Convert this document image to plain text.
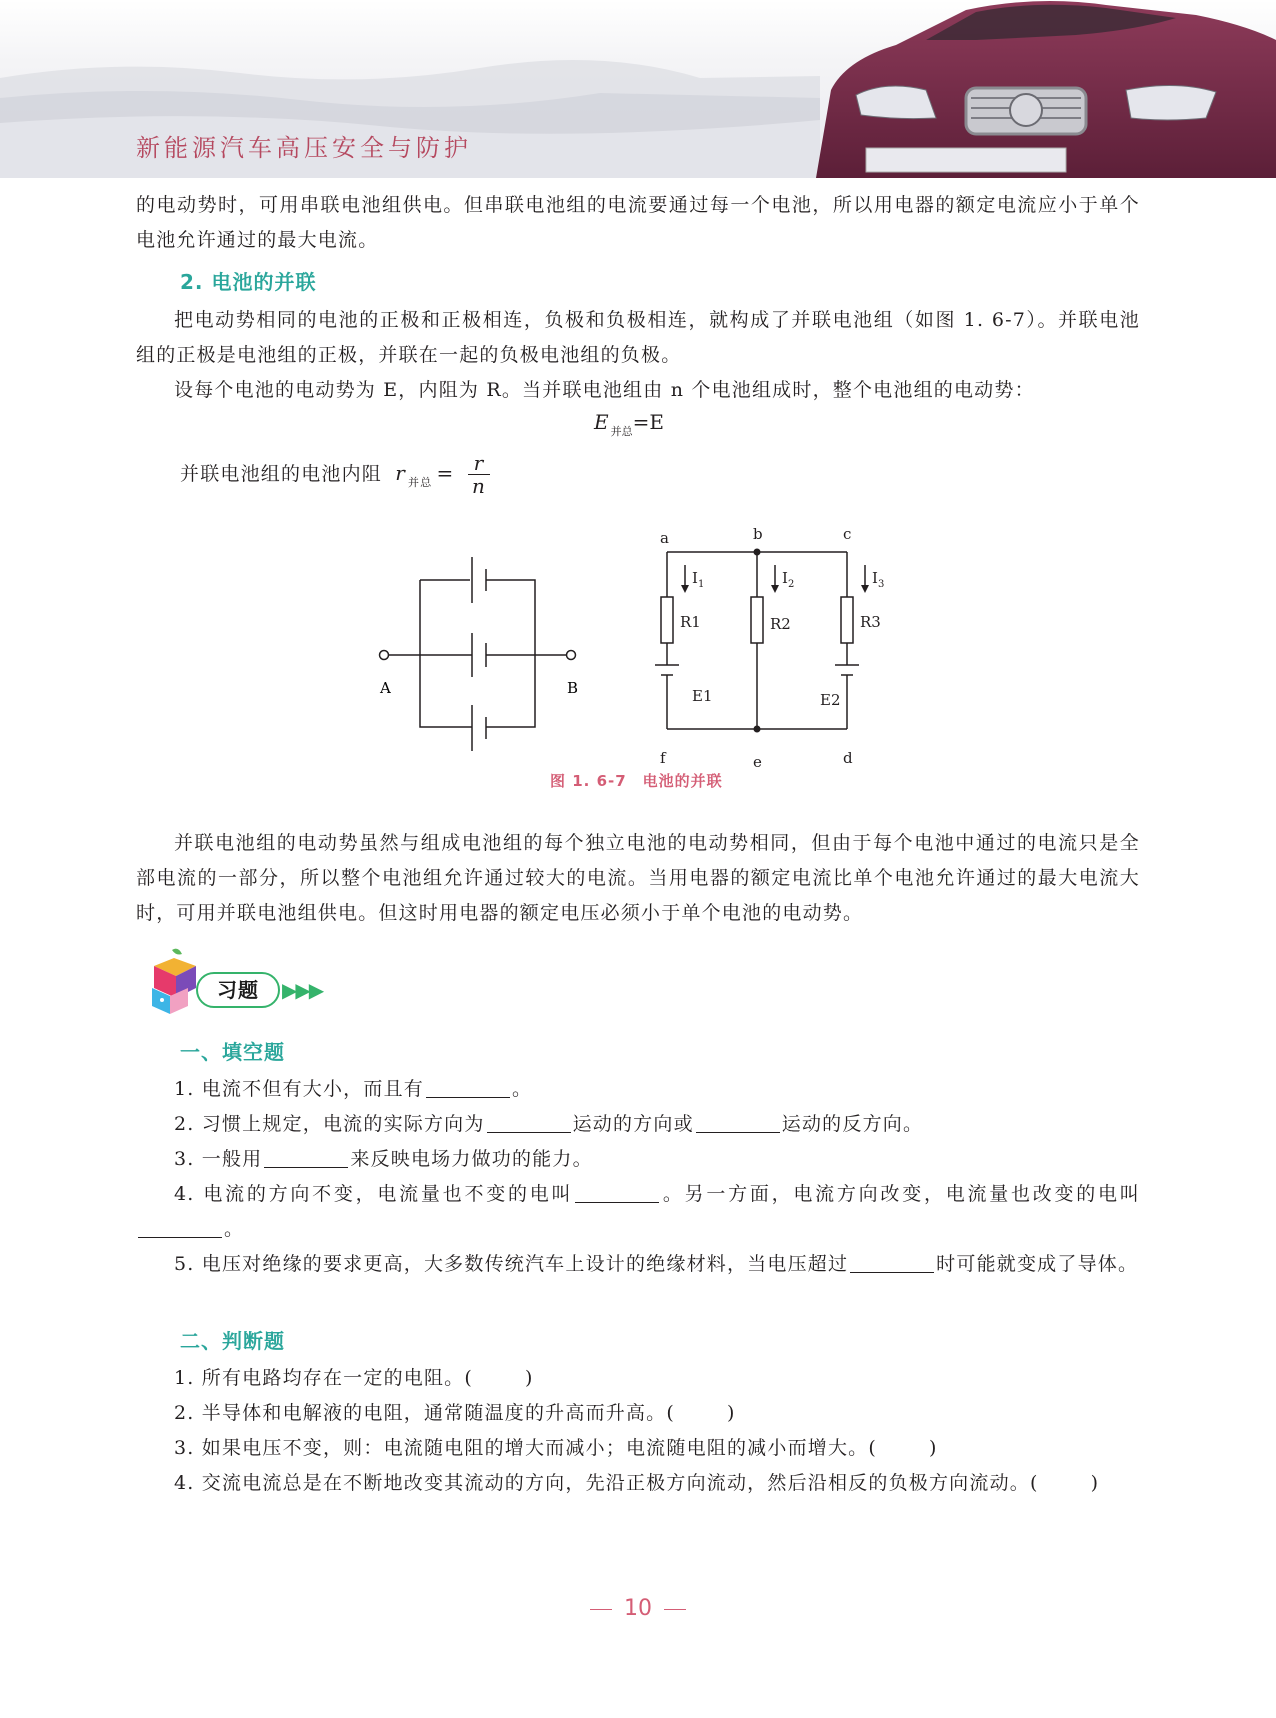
新能源汽车高压安全与防护
的电动势时，可用串联电池组供电。但串联电池组的电流要通过每一个电池，所以用电器的额定电流应小于单个电池允许通过的最大电流。
2. 电池的并联
把电动势相同的电池的正极和正极相连，负极和负极相连，就构成了并联电池组（如图 1. 6-7）。并联电池组的正极是电池组的正极，并联在一起的负极电池组的负极。
设每个电池的电动势为 E，内阻为 R。当并联电池组由 n 个电池组成时，整个电池组的电动势：
E $_{并总}$=E
并联电池组的电池内阻 r $_{并总} = \frac{r}{n}$
A	B
a	b	c
f	e	d
$I_1$	$I_2$	$I_3$
R1	R2	R3
E1	E2
图 1. 6-7　电池的并联
并联电池组的电动势虽然与组成电池组的每个独立电池的电动势相同，但由于每个电池中通过的电流只是全部电流的一部分，所以整个电池组允许通过较大的电流。当用电器的额定电流比单个电池允许通过的最大电流大时，可用并联电池组供电。但这时用电器的额定电压必须小于单个电池的电动势。
习题	▶▶▶
一、填空题
1. 电流不但有大小，而且有	。
2. 习惯上规定，电流的实际方向为	运动的方向或	运动的反方向。
3. 一般用	来反映电场力做功的能力。
4. 电流的方向不变，电流量也不变的电叫	。另一方面，电流方向改变，电流量也改变的电叫。
5. 电压对绝缘的要求更高，大多数传统汽车上设计的绝缘材料，当电压超过	时可能就变成了导体。
二、判断题
1. 所有电路均存在一定的电阻。(	)
2. 半导体和电解液的电阻，通常随温度的升高而升高。(	)
3. 如果电压不变，则：电流随电阻的增大而减小；电流随电阻的减小而增大。(	)
4. 交流电流总是在不断地改变其流动的方向，先沿正极方向流动，然后沿相反的负极方向流动。(	)
10
